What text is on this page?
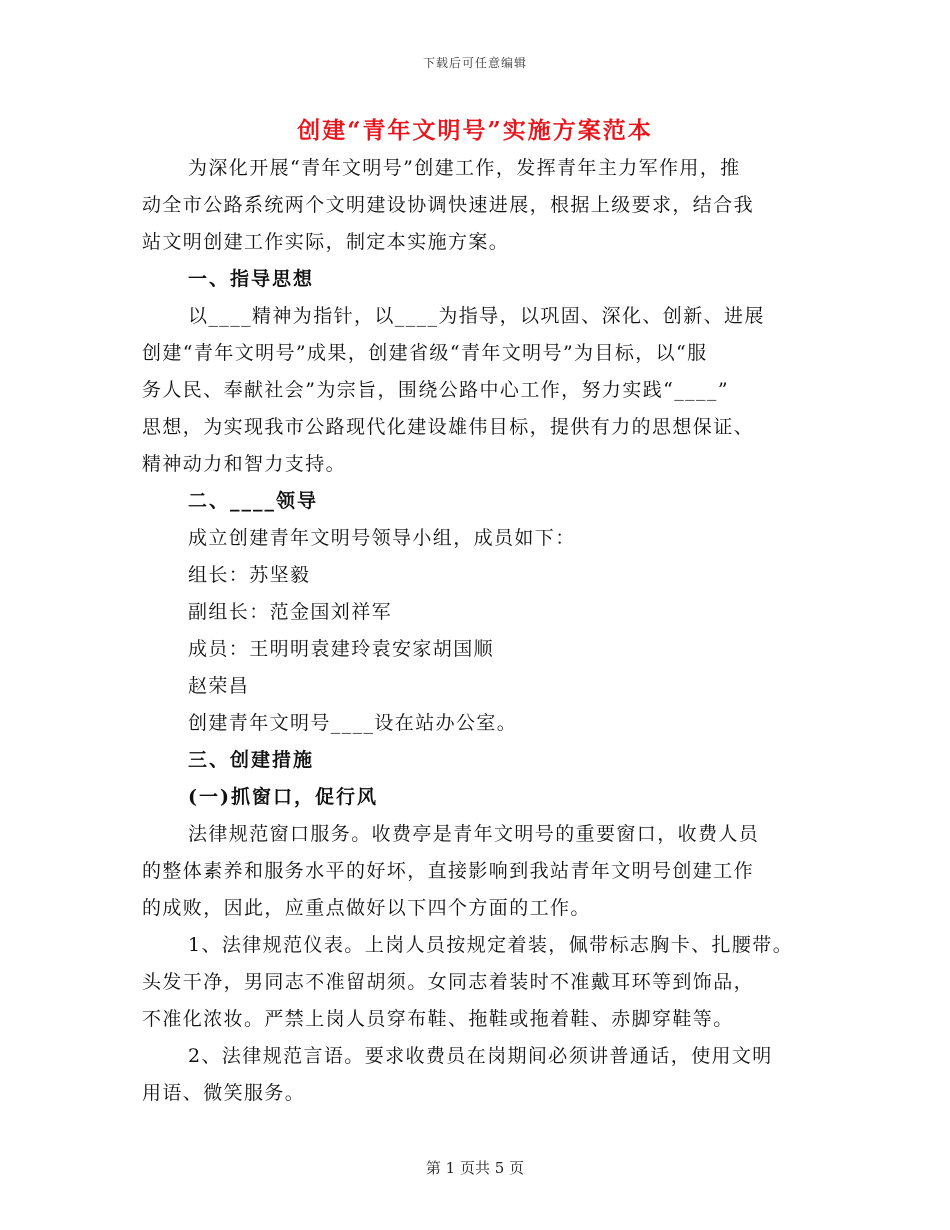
下载后可任意编辑
创建“青年文明号”实施方案范本

为深化开展“青年文明号”创建工作，发挥青年主力军作用，推

动全市公路系统两个文明建设协调快速进展，根据上级要求，结合我

站文明创建工作实际，制定本实施方案。

一、指导思想

以____精神为指针，以____为指导，以巩固、深化、创新、进展

创建“青年文明号”成果，创建省级“青年文明号”为目标，以“服

务人民、奉献社会”为宗旨，围绕公路中心工作，努力实践“____”

思想，为实现我市公路现代化建设雄伟目标，提供有力的思想保证、

精神动力和智力支持。

二、____领导

成立创建青年文明号领导小组，成员如下：

组长：苏坚毅

副组长：范金国刘祥军

成员：王明明袁建玲袁安家胡国顺

赵荣昌

创建青年文明号____设在站办公室。

三、创建措施

(一)抓窗口，促行风

法律规范窗口服务。收费亭是青年文明号的重要窗口，收费人员

的整体素养和服务水平的好坏，直接影响到我站青年文明号创建工作

的成败，因此，应重点做好以下四个方面的工作。

1、法律规范仪表。上岗人员按规定着装，佩带标志胸卡、扎腰带。

头发干净，男同志不准留胡须。女同志着装时不准戴耳环等到饰品，

不准化浓妆。严禁上岗人员穿布鞋、拖鞋或拖着鞋、赤脚穿鞋等。

2、法律规范言语。要求收费员在岗期间必须讲普通话，使用文明

用语、微笑服务。

第 1 页共 5 页
